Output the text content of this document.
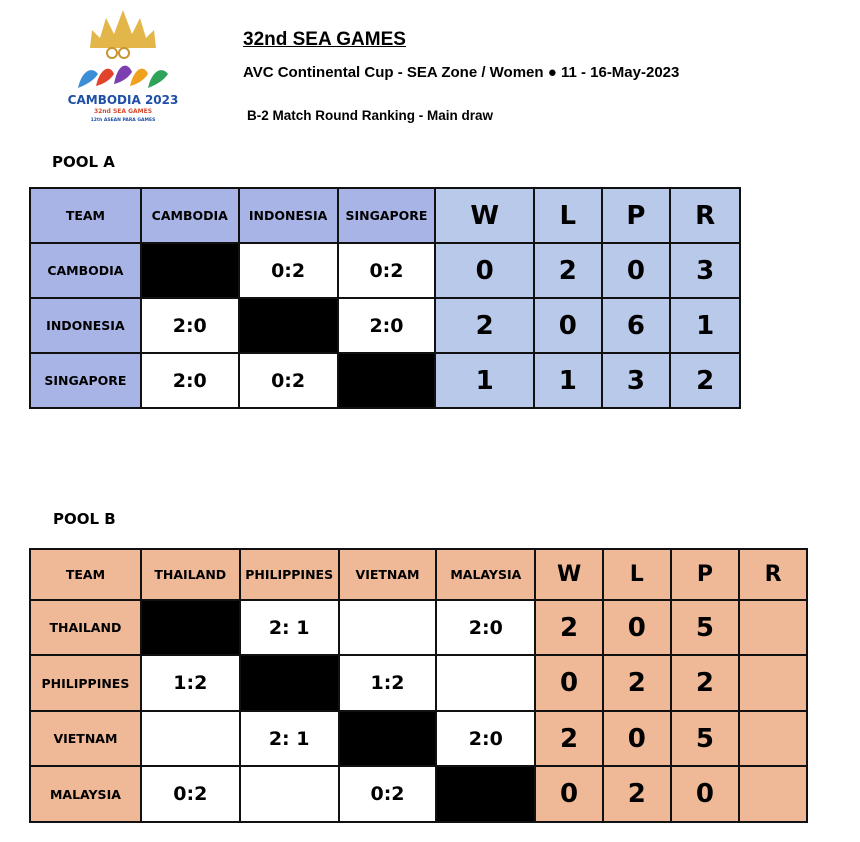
CAMBODIA 2023
32nd SEA GAMES
12th ASEAN PARA GAMES
32nd SEA GAMES
AVC Continental Cup - SEA Zone / Women ● 11 - 16-May-2023
B-2 Match Round Ranking - Main draw
POOL A
TEAM	CAMBODIA	INDONESIA	SINGAPORE	W	L	P	R
CAMBODIA		0:2	0:2	0	2	0	3
INDONESIA	2:0		2:0	2	0	6	1
SINGAPORE	2:0	0:2		1	1	3	2
POOL B
TEAM	THAILAND	PHILIPPINES	VIETNAM	MALAYSIA	W	L	P	R
THAILAND		2: 1		2:0	2	0	5	
PHILIPPINES	1:2		1:2		0	2	2	
VIETNAM		2: 1		2:0	2	0	5	
MALAYSIA	0:2		0:2		0	2	0	
